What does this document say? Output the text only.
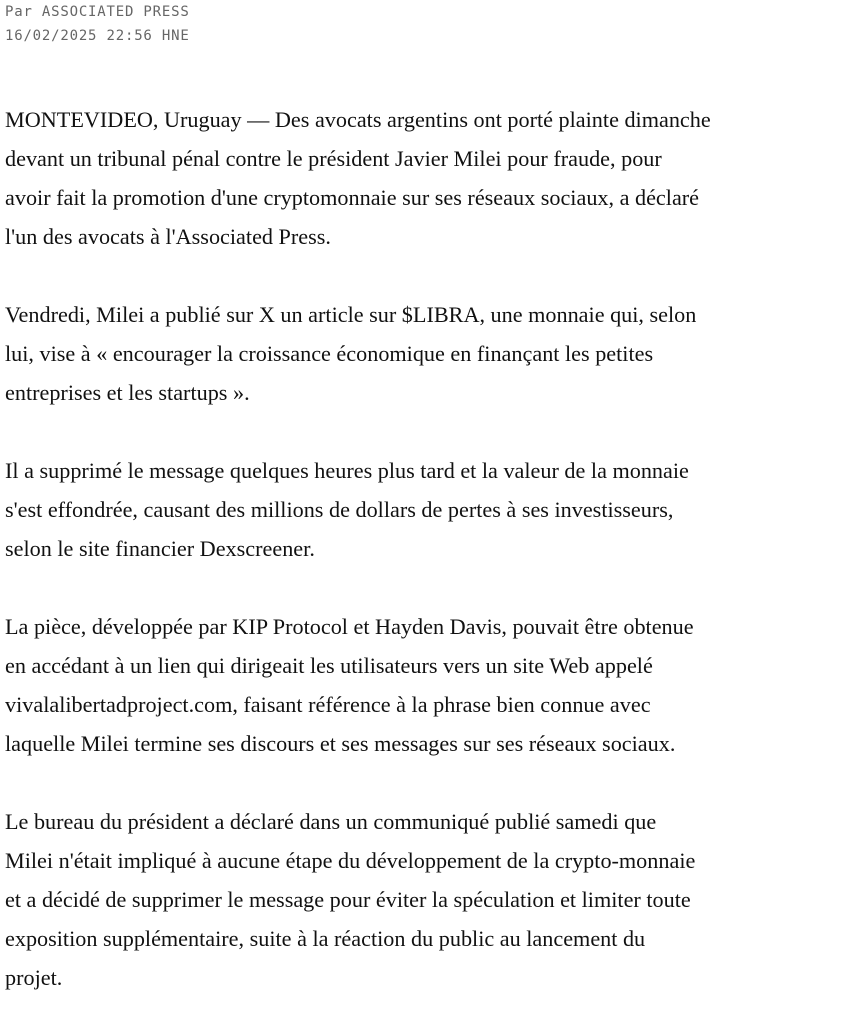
Par ASSOCIATED PRESS
16/02/2025 22:56 HNE

MONTEVIDEO, Uruguay — Des avocats argentins ont porté plainte dimanche
devant un tribunal pénal contre le président Javier Milei pour fraude, pour
avoir fait la promotion d'une cryptomonnaie sur ses réseaux sociaux, a déclaré
l'un des avocats à l'Associated Press.

Vendredi, Milei a publié sur X un article sur $LIBRA, une monnaie qui, selon
lui, vise à « encourager la croissance économique en finançant les petites
entreprises et les startups ».

Il a supprimé le message quelques heures plus tard et la valeur de la monnaie
s'est effondrée, causant des millions de dollars de pertes à ses investisseurs,
selon le site financier Dexscreener.

La pièce, développée par KIP Protocol et Hayden Davis, pouvait être obtenue
en accédant à un lien qui dirigeait les utilisateurs vers un site Web appelé
vivalalibertadproject.com, faisant référence à la phrase bien connue avec
laquelle Milei termine ses discours et ses messages sur ses réseaux sociaux.

Le bureau du président a déclaré dans un communiqué publié samedi que
Milei n'était impliqué à aucune étape du développement de la crypto-monnaie
et a décidé de supprimer le message pour éviter la spéculation et limiter toute
exposition supplémentaire, suite à la réaction du public au lancement du
projet.
